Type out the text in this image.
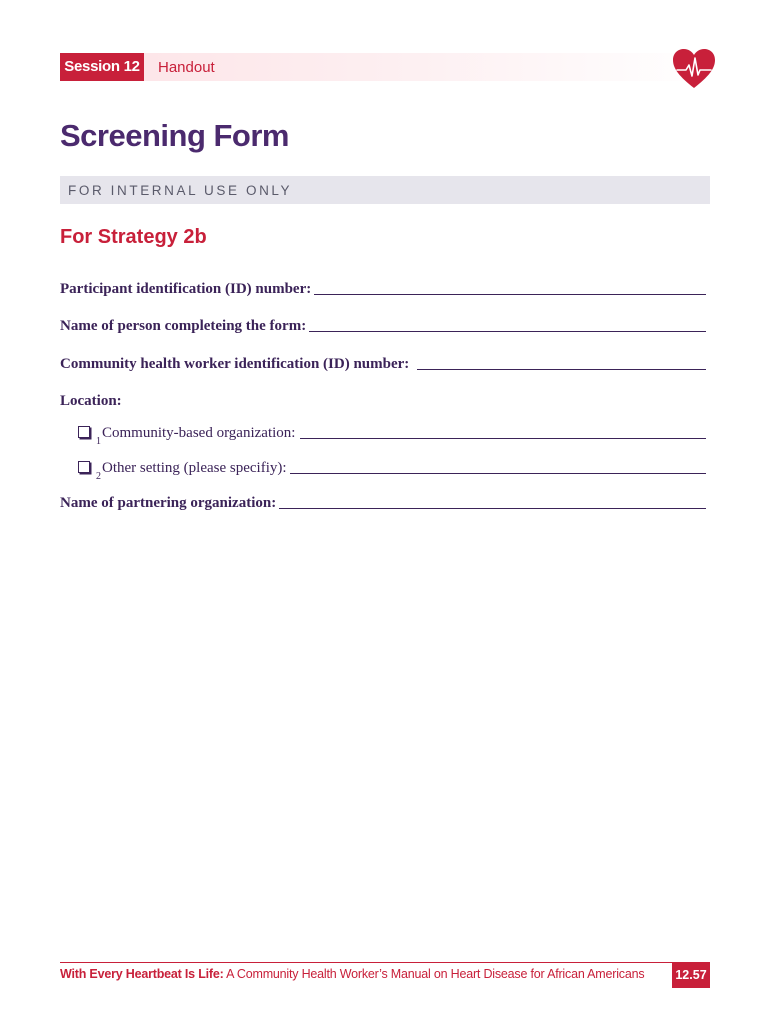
Session 12 Handout
Screening Form
FOR INTERNAL USE ONLY
For Strategy 2b
Participant identification (ID) number:
Name of person completeing the form:
Community health worker identification (ID) number:
Location:
1
Community-based organization:
2
Other setting (please specifiy):
Name of partnering organization:
With Every Heartbeat Is Life: A Community Health Worker’s Manual on Heart Disease for African Americans 12.57
